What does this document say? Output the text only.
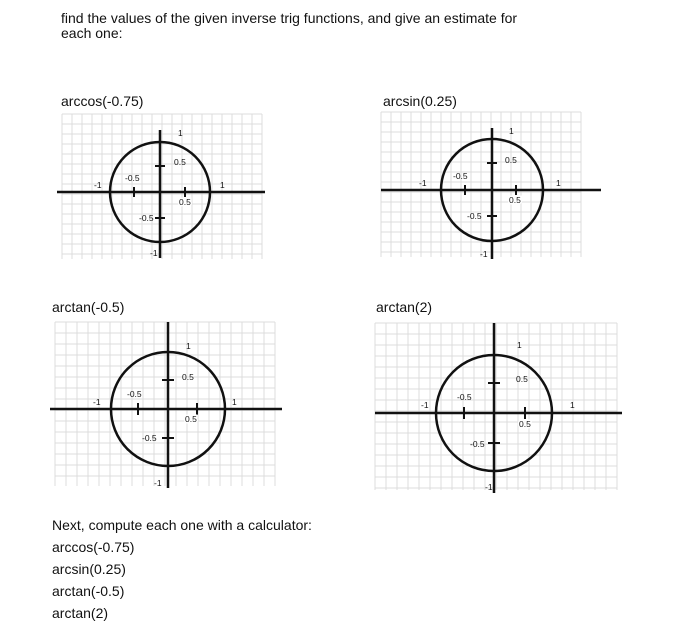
find the values of the given inverse trig functions, and give an estimate for each one:
arccos(-0.75)	arcsin(0.25)
arctan(-0.5)	arctan(2)
-1
-0.5
0.5
1
1
0.5
-0.5
-1
-1
-0.5
0.5
1
1
0.5
-0.5
-1
-1
-0.5
0.5
1
1
0.5
-0.5
-1
-1
-0.5
0.5
1
1
0.5
-0.5
-1
Next, compute each one with a calculator:
arccos(-0.75)
arcsin(0.25)
arctan(-0.5)
arctan(2)
